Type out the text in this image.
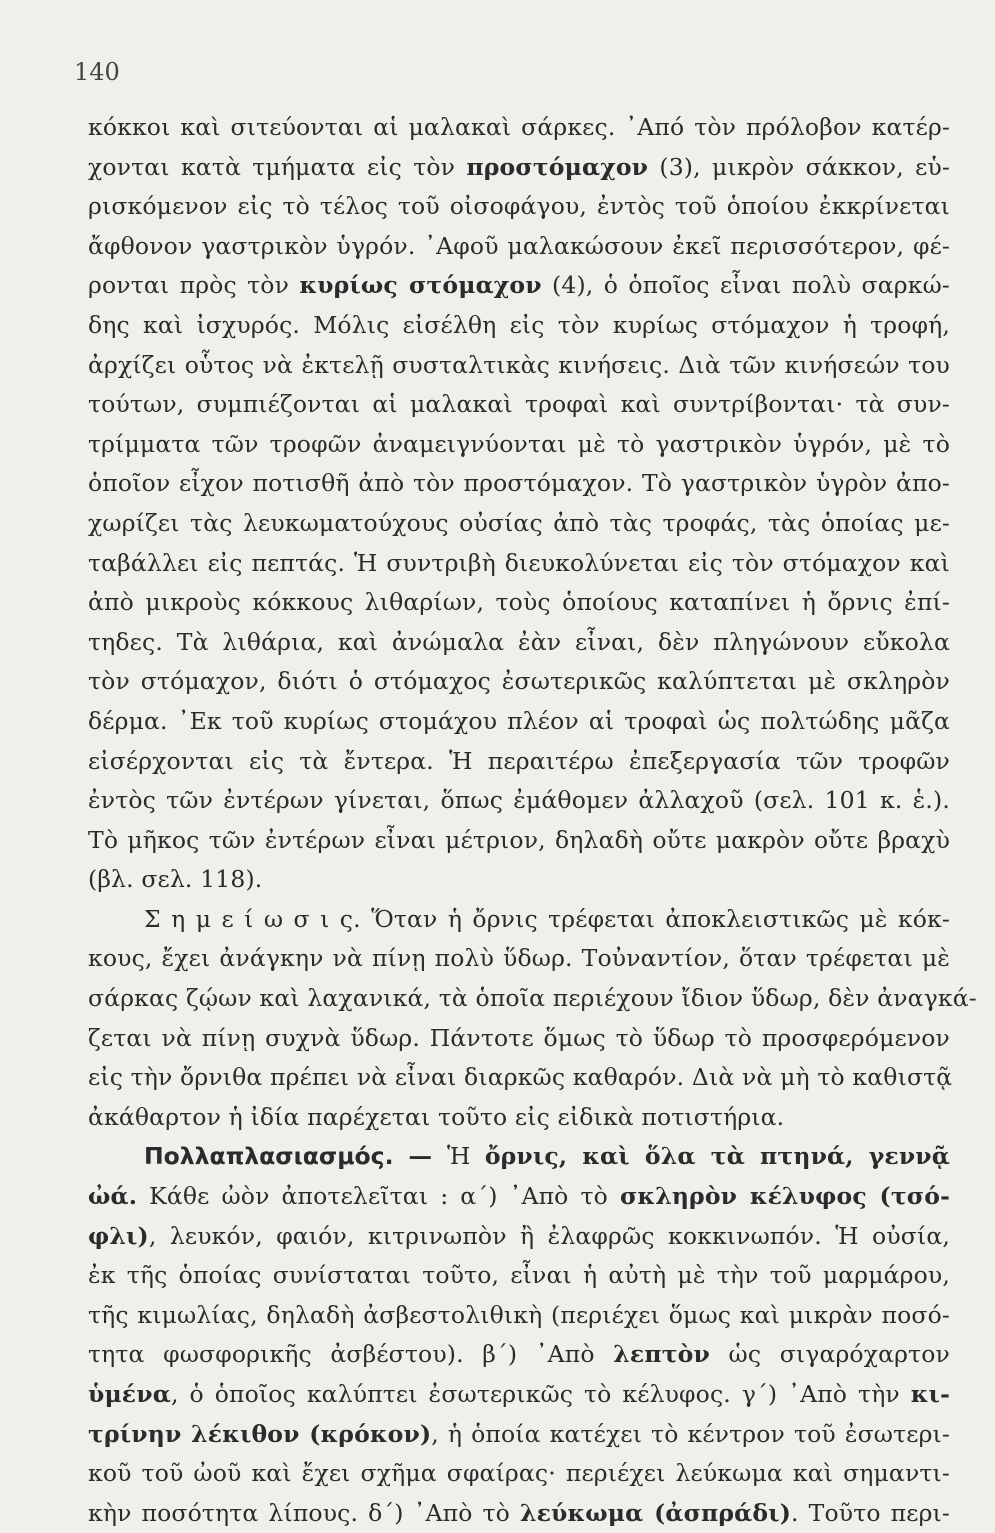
140
κόκκοι καὶ σιτεύονται αἱ μαλακαὶ σάρκες. ᾿Από τὸν πρόλοβον κατέρ-
χονται κατὰ τμήματα εἰς τὸν προστόμαχον (3), μικρὸν σάκκον, εὑ-
ρισκόμενον εἰς τὸ τέλος τοῦ οἰσοφάγου, ἐντὸς τοῦ ὁποίου ἐκκρίνεται
ἄφθονον γαστρικὸν ὑγρόν. ᾿Αφοῦ μαλακώσουν ἐκεῖ περισσότερον, φέ-
ρονται πρὸς τὸν κυρίως στόμαχον (4), ὁ ὁποῖος εἶναι πολὺ σαρκώ-
δης καὶ ἰσχυρός. Μόλις εἰσέλθη εἰς τὸν κυρίως στόμαχον ἡ τροφή,
ἀρχίζει οὗτος νὰ ἐκτελῇ συσταλτικὰς κινήσεις. Διὰ τῶν κινήσεών του
τούτων, συμπιέζονται αἱ μαλακαὶ τροφαὶ καὶ συντρίβονται· τὰ συν-
τρίμματα τῶν τροφῶν ἀναμειγνύονται μὲ τὸ γαστρικὸν ὑγρόν, μὲ τὸ
ὁποῖον εἶχον ποτισθῆ ἀπὸ τὸν προστόμαχον. Τὸ γαστρικὸν ὑγρὸν ἀπο-
χωρίζει τὰς λευκωματούχους οὐσίας ἀπὸ τὰς τροφάς, τὰς ὁποίας με-
ταβάλλει εἰς πεπτάς. Ἡ συντριβὴ διευκολύνεται εἰς τὸν στόμαχον καὶ
ἀπὸ μικροὺς κόκκους λιθαρίων, τοὺς ὁποίους καταπίνει ἡ ὄρνις ἐπί-
τηδες. Τὰ λιθάρια, καὶ ἀνώμαλα ἐὰν εἶναι, δὲν πληγώνουν εὔκολα
τὸν στόμαχον, διότι ὁ στόμαχος ἐσωτερικῶς καλύπτεται μὲ σκληρὸν
δέρμα. ᾿Εκ τοῦ κυρίως στομάχου πλέον αἱ τροφαὶ ὡς πολτώδης μᾶζα
εἰσέρχονται εἰς τὰ ἔντερα. Ἡ περαιτέρω ἐπεξεργασία τῶν τροφῶν
ἐντὸς τῶν ἐντέρων γίνεται, ὅπως ἐμάθομεν ἀλλαχοῦ (σελ. 101 κ. ἑ.).
Τὸ μῆκος τῶν ἐντέρων εἶναι μέτριον, δηλαδὴ οὔτε μακρὸν οὔτε βραχὺ
(βλ. σελ. 118).
Σ η μ ε ί ω σ ι ς. Ὅταν ἡ ὄρνις τρέφεται ἀποκλειστικῶς μὲ κόκ-
κους, ἔχει ἀνάγκην νὰ πίνῃ πολὺ ὕδωρ. Τοὐναντίον, ὅταν τρέφεται μὲ
σάρκας ζῴων καὶ λαχανικά, τὰ ὁποῖα περιέχουν ἴδιον ὕδωρ, δὲν ἀναγκά-
ζεται νὰ πίνῃ συχνὰ ὕδωρ. Πάντοτε ὅμως τὸ ὕδωρ τὸ προσφερόμενον
εἰς τὴν ὄρνιθα πρέπει νὰ εἶναι διαρκῶς καθαρόν. Διὰ νὰ μὴ τὸ καθιστᾷ
ἀκάθαρτον ἡ ἰδία παρέχεται τοῦτο εἰς εἰδικὰ ποτιστήρια.
Πολλαπλασιασμός. — Ἡ ὄρνις, καὶ ὅλα τὰ πτηνά, γεννᾷ
ὠά. Κάθε ὠὸν ἀποτελεῖται : α΄) ᾿Απὸ τὸ σκληρὸν κέλυφος (τσό-
φλι), λευκόν, φαιόν, κιτρινωπὸν ἢ ἐλαφρῶς κοκκινωπόν. Ἡ οὐσία,
ἐκ τῆς ὁποίας συνίσταται τοῦτο, εἶναι ἡ αὐτὴ μὲ τὴν τοῦ μαρμάρου,
τῆς κιμωλίας, δηλαδὴ ἀσβεστολιθικὴ (περιέχει ὅμως καὶ μικρὰν ποσό-
τητα φωσφορικῆς ἀσβέστου). β΄) ᾿Απὸ λεπτὸν ὡς σιγαρόχαρτον
ὑμένα, ὁ ὁποῖος καλύπτει ἐσωτερικῶς τὸ κέλυφος. γ΄) ᾿Απὸ τὴν κι-
τρίνην λέκιθον (κρόκον), ἡ ὁποία κατέχει τὸ κέντρον τοῦ ἐσωτερι-
κοῦ τοῦ ὠοῦ καὶ ἔχει σχῆμα σφαίρας· περιέχει λεύκωμα καὶ σημαντι-
κὴν ποσότητα λίπους. δ΄) ᾿Απὸ τὸ λεύκωμα (ἀσπράδι). Τοῦτο περι-
